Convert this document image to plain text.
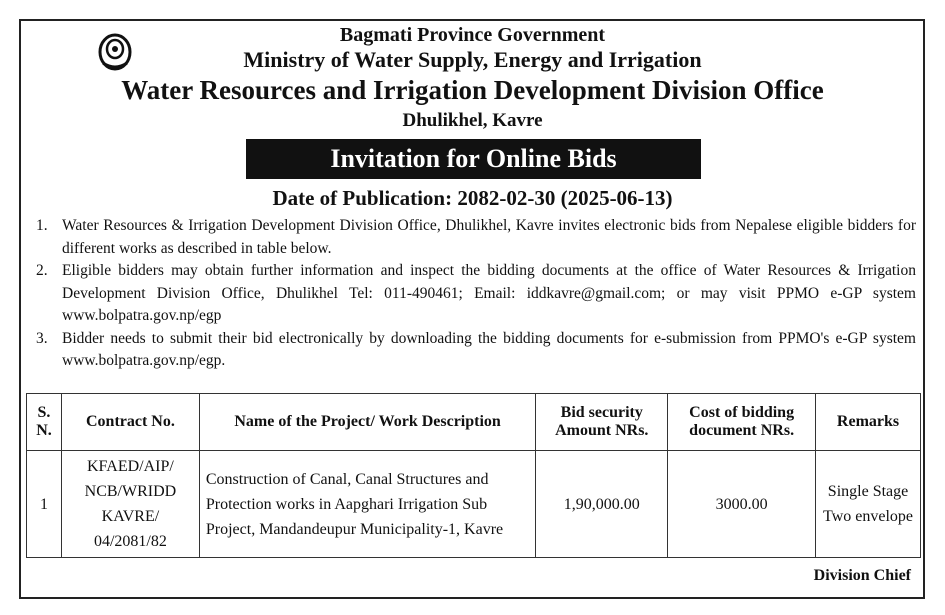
Bagmati Province Government
Ministry of Water Supply, Energy and Irrigation
Water Resources and Irrigation Development Division Office
Dhulikhel, Kavre
Invitation for Online Bids
Date of Publication: 2082-02-30 (2025-06-13)
1. Water Resources & Irrigation Development Division Office, Dhulikhel, Kavre invites electronic bids from Nepalese eligible bidders for different works as described in table below.
2. Eligible bidders may obtain further information and inspect the bidding documents at the office of Water Resources & Irrigation Development Division Office, Dhulikhel Tel: 011-490461; Email: iddkavre@gmail.com; or may visit PPMO e-GP system www.bolpatra.gov.np/egp
3. Bidder needs to submit their bid electronically by downloading the bidding documents for e-submission from PPMO's e-GP system www.bolpatra.gov.np/egp.
S. N.	Contract No.	Name of the Project/ Work Description	Bid security Amount NRs.	Cost of bidding document NRs.	Remarks
1	KFAED/AIP/ NCB/WRIDD KAVRE/ 04/2081/82	Construction of Canal, Canal Structures and Protection works in Aapghari Irrigation Sub Project, Mandandeupur Municipality-1, Kavre	1,90,000.00	3000.00	Single Stage Two envelope
Division Chief
